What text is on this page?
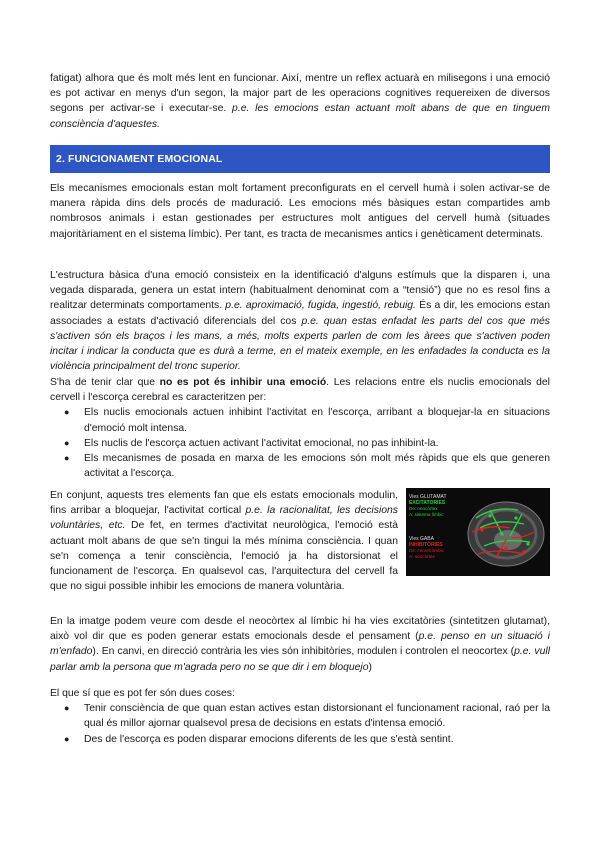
fatigat) alhora que és molt més lent en funcionar. Així, mentre un reflex actuarà en milisegons i una emoció es pot activar en menys d'un segon, la major part de les operacions cognitives requereixen de diversos segons per activar-se i executar-se. p.e. les emocions estan actuant molt abans de que en tinguem consciència d'aquestes.

2. FUNCIONAMENT EMOCIONAL

Els mecanismes emocionals estan molt fortament preconfigurats en el cervell humà i solen activar-se de manera ràpida dins dels procés de maduració. Les emocions més bàsiques estan compartides amb nombrosos animals i estan gestionades per estructures molt antigues del cervell humà (situades majoritàriament en el sistema límbic). Per tant, es tracta de mecanismes antics i genèticament determinats.

L'estructura bàsica d'una emoció consisteix en la identificació d'alguns estímuls que la disparen i, una vegada disparada, genera un estat intern (habitualment denominat com a “tensió”) que no es resol fins a realitzar determinats comportaments. p.e. aproximació, fugida, ingestió, rebuig. És a dir, les emocions estan associades a estats d'activació diferencials del cos p.e. quan estas enfadat les parts del cos que més s'activen són els braços i les mans, a més, molts experts parlen de com les àrees que s'activen poden incitar i indicar la conducta que es durà a terme, en el mateix exemple, en les enfadades la conducta es la violència principalment del tronc superior.

S'ha de tenir clar que no es pot és inhibir una emoció. Les relacions entre els nuclis emocionals del cervell i l'escorça cerebral es caracteritzen per:

● Els nuclis emocionals actuen inhibint l'activitat en l'escorça, arribant a bloquejar-la en situacions d'emoció molt intensa.
● Els nuclis de l'escorça actuen activant l'activitat emocional, no pas inhibint-la.
● Els mecanismes de posada en marxa de les emocions són molt més ràpids que els que generen activitat a l'escorça.

En conjunt, aquests tres elements fan que els estats emocionals modulin, fins arribar a bloquejar, l'activitat cortical p.e. la racionalitat, les decisions voluntàries, etc. De fet, en termes d'activitat neurològica, l'emoció està actuant molt abans de que se'n tingui la més mínima consciència. I quan se'n comença a tenir consciència, l'emoció ja ha distorsionat el funcionament de l'escorça. En qualsevol cas, l'arquitectura del cervell fa que no sigui possible inhibir les emocions de manera voluntària.

Vies GLUTAMAT
EXCITATORIES
De: neocòrtex
A: sistema límbic
Vies GABA
INHIBITÒRIES
De: cervell límbic
A: neocòrtex

En la imatge podem veure com desde el neocòrtex al límbic hi ha vies excitatòries (sintetitzen glutamat), això vol dir que es poden generar estats emocionals desde el pensament (p.e. penso en un situació i m'enfado). En canvi, en direcció contrària les vies són inhibitòries, modulen i controlen el neocortex (p.e. vull parlar amb la persona que m'agrada pero no se que dir i em bloquejo)

El que sí que es pot fer són dues coses:

● Tenir consciència de que quan estan actives estan distorsionant el funcionament racional, raó per la qual és millor ajornar qualsevol presa de decisions en estats d'intensa emoció.
● Des de l'escorça es poden disparar emocions diferents de les que s'està sentint.
